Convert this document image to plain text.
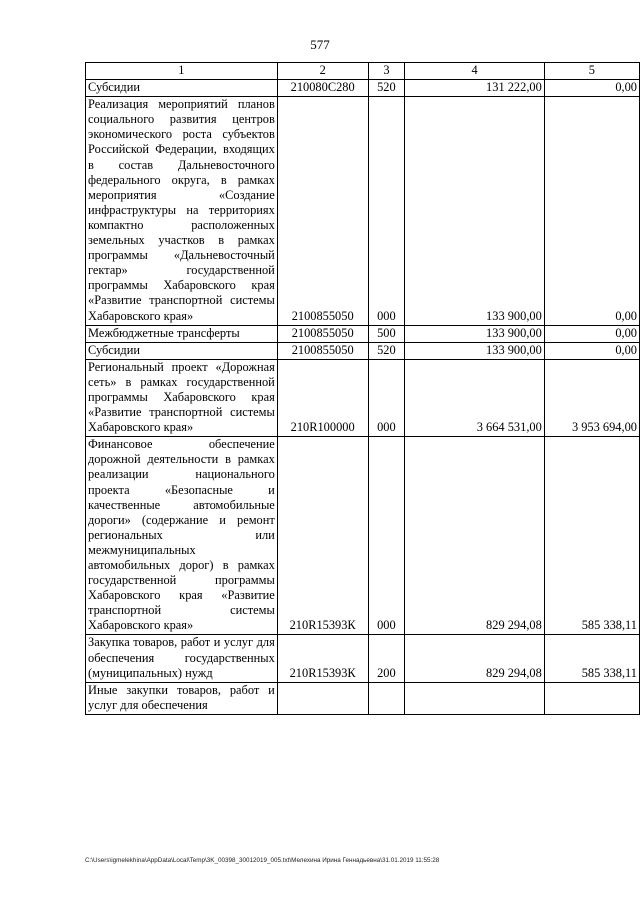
577
1	2	3	4	5
Субсидии	210080С280	520	131 222,00	0,00
Реализация мероприятий планов социального развития центров экономического роста субъектов Российской Федерации, входящих в состав Дальневосточного федерального округа, в рамках мероприятия «Создание инфраструктуры на территориях компактно расположенных земельных участков в рамках программы «Дальневосточный гектар» государственной программы Хабаровского края «Развитие транспортной системы Хабаровского края»	2100855050	000	133 900,00	0,00
Межбюджетные трансферты	2100855050	500	133 900,00	0,00
Субсидии	2100855050	520	133 900,00	0,00
Региональный проект «Дорожная сеть» в рамках государственной программы Хабаровского края «Развитие транспортной системы Хабаровского края»	210R100000	000	3 664 531,00	3 953 694,00
Финансовое обеспечение дорожной деятельности в рамках реализации национального проекта «Безопасные и качественные автомобильные дороги» (содержание и ремонт региональных или межмуниципальных автомобильных дорог) в рамках государственной программы Хабаровского края «Развитие транспортной системы Хабаровского края»	210R15393К	000	829 294,08	585 338,11
Закупка товаров, работ и услуг для обеспечения государственных (муниципальных) нужд	210R15393К	200	829 294,08	585 338,11
Иные закупки товаров, работ и услуг для обеспечения				
C:\Users\igmelekhina\AppData\Local\Temp\3K_00398_30012019_005.txt\Мелехина Ирина Геннадьевна\31.01.2019 11:55:28
